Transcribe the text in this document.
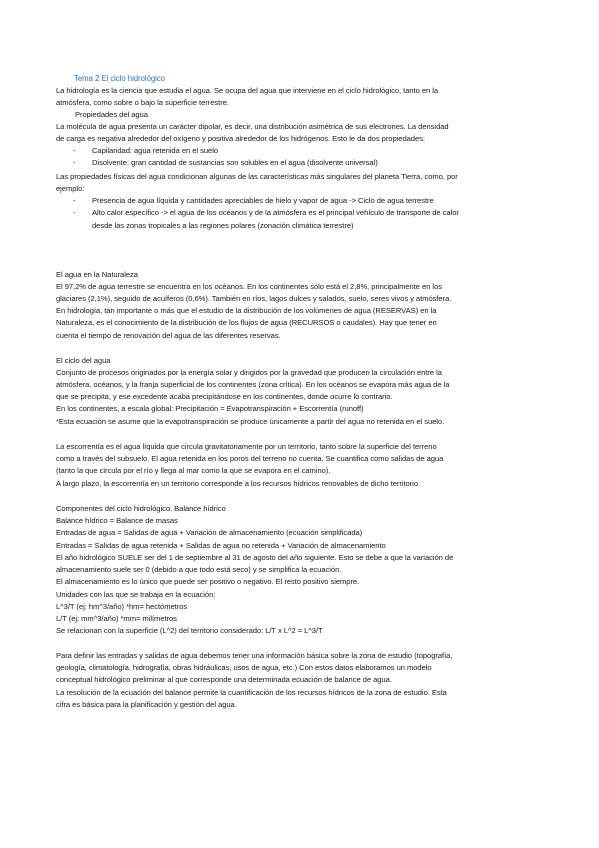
Tema 2 El ciclo hidrológico
La hidrología es la ciencia que estudia el agua. Se ocupa del agua que interviene en el ciclo hidrológico, tanto en la
atmósfera, como sobre o bajo la superficie terrestre.
Propiedades del agua
La molécula de agua presenta un carácter dipolar, es decir, una distribución asimétrica de sus electrones. La densidad
de carga es negativa alrededor del oxígeno y positiva alrededor de los hidrógenos. Esto le da dos propiedades:
- Capilaridad: agua retenida en el suelo
- Disolvente: gran cantidad de sustancias son solubles en el agua (disolvente universal)
Las propiedades físicas del agua condicionan algunas de las características más singulares del planeta Tierra, como, por
ejemplo:
- Presencia de agua líquida y cantidades apreciables de hielo y vapor de agua -> Ciclo de agua terrestre
- Alto calor específico -> el agua de los océanos y de la atmósfera es el principal vehículo de transporte de calor
desde las zonas tropicales a las regiones polares (zonación climática terrestre)
El agua en la Naturaleza
El 97,2% de agua terrestre se encuentra en los océanos. En los continentes sólo está el 2,8%, principalmente en los
glaciares (2,1%), seguido de acuíferos (0,6%). También en ríos, lagos dulces y salados, suelo, seres vivos y atmósfera.
En hidrología, tan importante o más que el estudio de la distribución de los volúmenes de agua (RESERVAS) en la
Naturaleza, es el conocimiento de la distribución de los flujos de agua (RECURSOS o caudales). Hay que tener en
cuenta el tiempo de renovación del agua de las diferentes reservas.
El ciclo del agua
Conjunto de procesos originados por la energía solar y dirigidos por la gravedad que producen la circulación entre la
atmósfera, océanos, y la franja superficial de los continentes (zona crítica). En los océanos se evapora más agua de la
que se precipita, y ese excedente acaba precipitándose en los continentes, donde ocurre lo contrario.
En los continentes, a escala global: Precipitación = Evapotranspiración + Escorrentía (runoff)
*Esta ecuación se asume que la evapotranspiración se produce únicamente a partir del agua no retenida en el suelo.
La escorrentía es el agua líquida que circula gravitatoriamente por un territorio, tanto sobre la superficie del terreno
como a través del subsuelo. El agua retenida en los poros del terreno no cuenta. Se cuantifica como salidas de agua
(tanto la que circula por el río y llega al mar como la que se evapora en el camino).
A largo plazo, la escorrentía en un territorio corresponde a los recursos hídricos renovables de dicho territorio.
Componentes del ciclo hidrológico. Balance hídrico
Balance hídrico = Balance de masas
Entradas de agua = Salidas de agua + Variación de almacenamiento (ecuación simplificada)
Entradas = Salidas de agua retenida + Salidas de agua no retenida + Variación de almacenamiento
El año hidrológico SUELE ser del 1 de septiembre al 31 de agosto del año siguiente. Esto se debe a que la variación de
almacenamiento suele ser 0 (debido a que todo está seco) y se simplifica la ecuación.
El almacenamiento es lo único que puede ser positivo o negativo. El resto positivo siempre.
Unidades con las que se trabaja en la ecuación:
L^3/T (ej: hm^3/año) *hm= hectómetros
L/T (ej: mm^3/año) *mm= milímetros
Se relacionan con la superficie (L^2) del territorio considerado: L/T x L^2 = L^3/T
Para definir las entradas y salidas de agua debemos tener una información básica sobre la zona de estudio (topografía,
geología, climatología, hidrografía, obras hidráulicas, usos de agua, etc.) Con estos datos elaboramos un modelo
conceptual hidrológico preliminar al que corresponde una determinada ecuación de balance de agua.
La resolución de la ecuación del balance permite la cuantificación de los recursos hídricos de la zona de estudio. Esta
cifra es básica para la planificación y gestión del agua.
